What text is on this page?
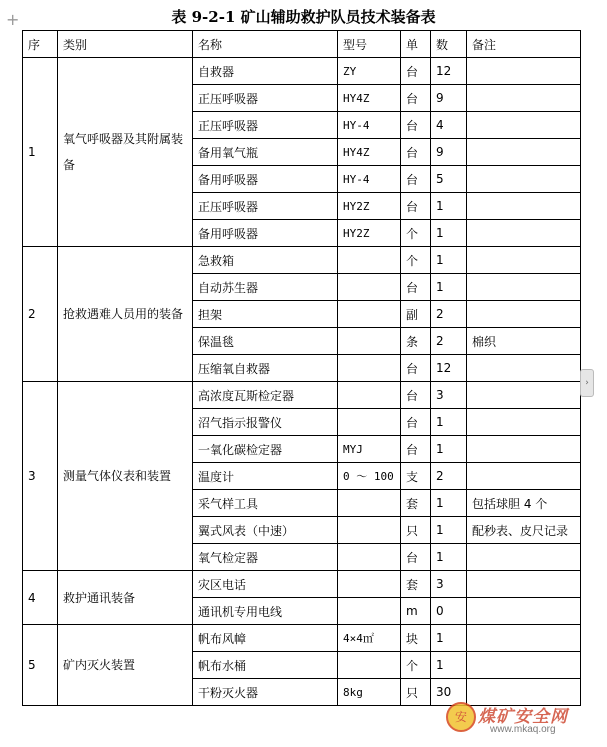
+	表 9-2-1 矿山辅助救护队员技术装备表
序	类别	名称	型号	单	数	备注
1	氧气呼吸器及其附属装备	自救器	ZY	台	12	
		正压呼吸器	HY4Z	台	9	
		正压呼吸器	HY-4	台	4	
		备用氧气瓶	HY4Z	台	9	
		备用呼吸器	HY-4	台	5	
		正压呼吸器	HY2Z	台	1	
		备用呼吸器	HY2Z	个	1	
2	抢救遇难人员用的装备	急救箱		个	1	
		自动苏生器		台	1	
		担架		副	2	
		保温毯		条	2	棉织
		压缩氧自救器		台	12	
3	测量气体仪表和装置	高浓度瓦斯检定器		台	3	
		沼气指示报警仪		台	1	
		一氧化碳检定器	MYJ	台	1	
		温度计	0 ～ 100	支	2	
		采气样工具		套	1	包括球胆 4 个
		翼式风表（中速）		只	1	配秒表、皮尺记录
		氧气检定器		台	1	
4	救护通讯装备	灾区电话		套	3	
		通讯机专用电线		m	0	
5	矿内灭火装置	帆布风幛	4×4㎡	块	1	
		帆布水桶		个	1	
		干粉灭火器	8kg	只	30	
›
安 煤矿安全网
www.mkaq.org
